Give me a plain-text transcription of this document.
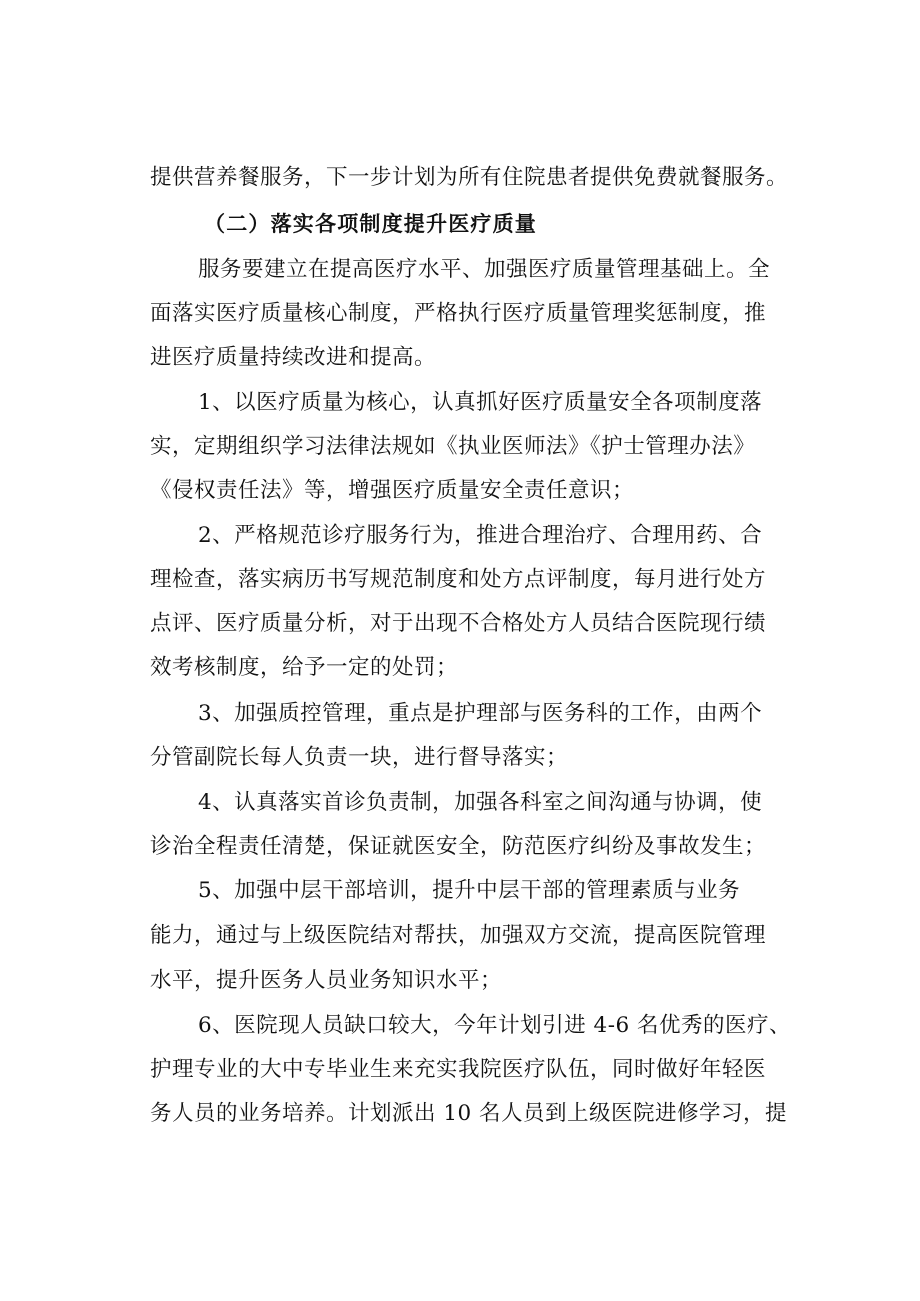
提供营养餐服务，下一步计划为所有住院患者提供免费就餐服务。
（二）落实各项制度提升医疗质量
服务要建立在提高医疗水平、加强医疗质量管理基础上。全
面落实医疗质量核心制度，严格执行医疗质量管理奖惩制度，推
进医疗质量持续改进和提高。
1、以医疗质量为核心，认真抓好医疗质量安全各项制度落
实，定期组织学习法律法规如《执业医师法》《护士管理办法》
《侵权责任法》等，增强医疗质量安全责任意识；
2、严格规范诊疗服务行为，推进合理治疗、合理用药、合
理检查，落实病历书写规范制度和处方点评制度，每月进行处方
点评、医疗质量分析，对于出现不合格处方人员结合医院现行绩
效考核制度，给予一定的处罚；
3、加强质控管理，重点是护理部与医务科的工作，由两个
分管副院长每人负责一块，进行督导落实；
4、认真落实首诊负责制，加强各科室之间沟通与协调，使
诊治全程责任清楚，保证就医安全，防范医疗纠纷及事故发生；
5、加强中层干部培训，提升中层干部的管理素质与业务
能力，通过与上级医院结对帮扶，加强双方交流，提高医院管理
水平，提升医务人员业务知识水平；
6、医院现人员缺口较大，今年计划引进 4-6 名优秀的医疗、
护理专业的大中专毕业生来充实我院医疗队伍，同时做好年轻医
务人员的业务培养。计划派出 10 名人员到上级医院进修学习，提
